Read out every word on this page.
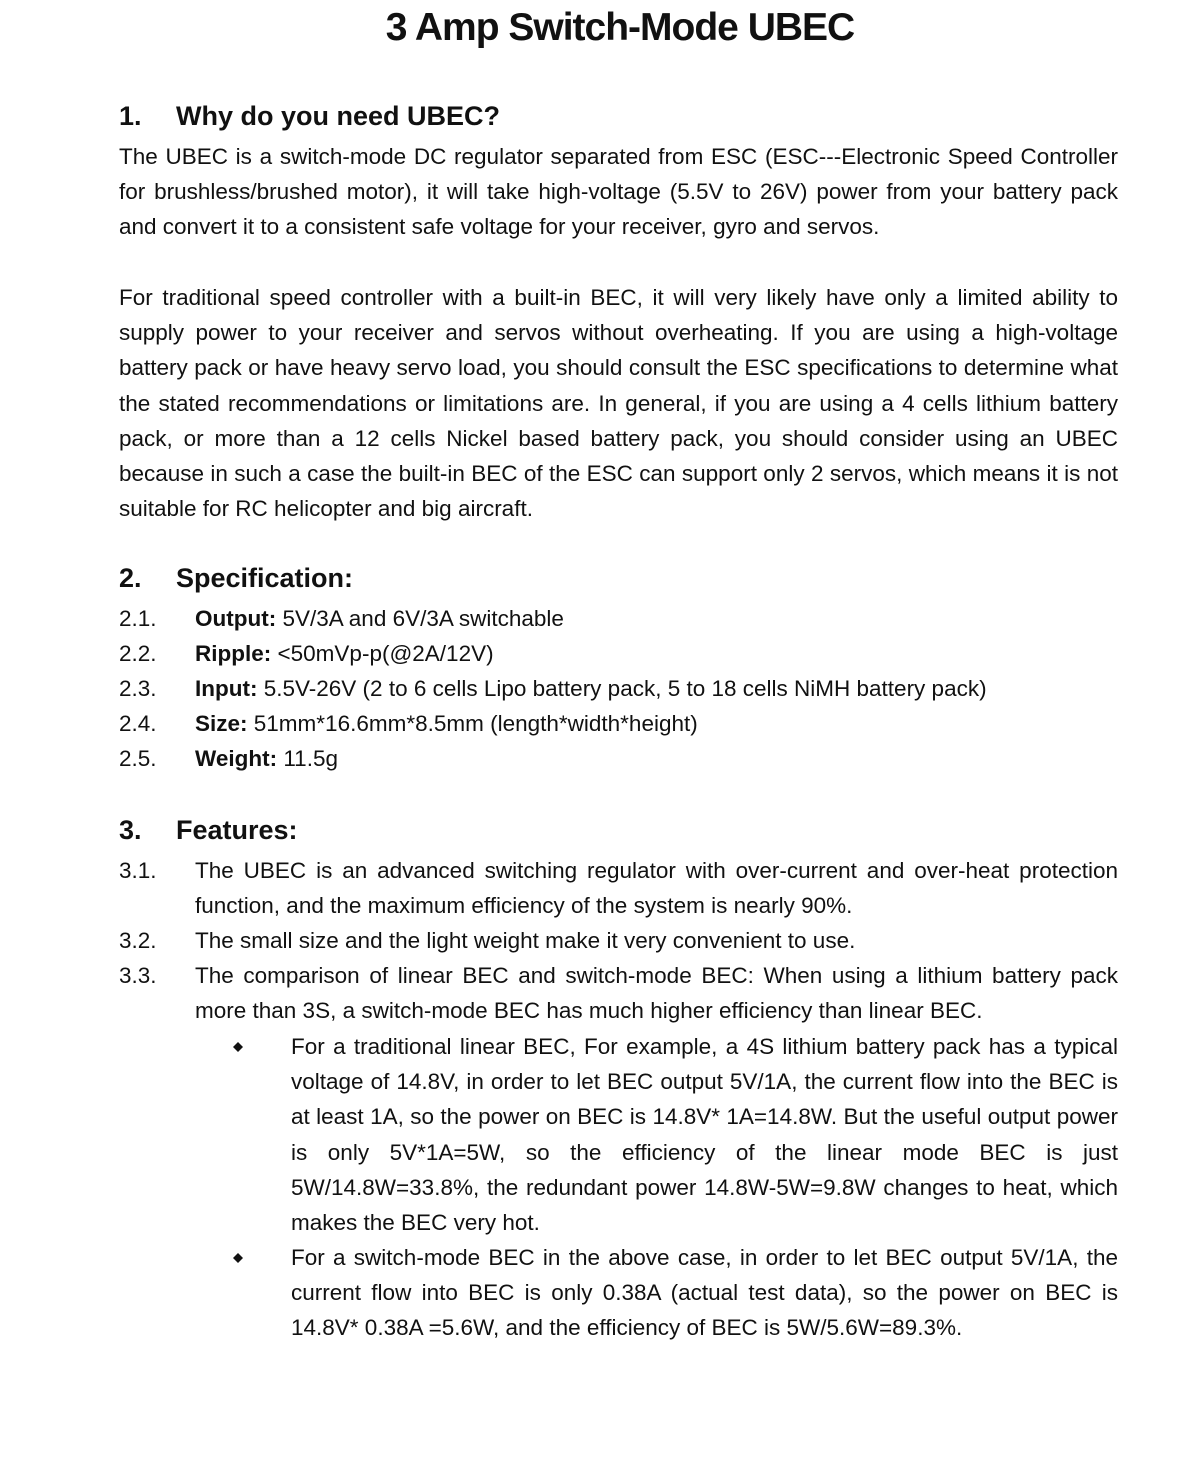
3 Amp Switch-Mode UBEC
1. Why do you need UBEC?

The UBEC is a switch-mode DC regulator separated from ESC (ESC---Electronic Speed Controller for brushless/brushed motor), it will take high-voltage (5.5V to 26V) power from your battery pack and convert it to a consistent safe voltage for your receiver, gyro and servos.

For traditional speed controller with a built-in BEC, it will very likely have only a limited ability to supply power to your receiver and servos without overheating. If you are using a high-voltage battery pack or have heavy servo load, you should consult the ESC specifications to determine what the stated recommendations or limitations are. In general, if you are using a 4 cells lithium battery pack, or more than a 12 cells Nickel based battery pack, you should consider using an UBEC because in such a case the built-in BEC of the ESC can support only 2 servos, which means it is not suitable for RC helicopter and big aircraft.

2. Specification:
2.1.	Output: 5V/3A and 6V/3A switchable
2.2.	Ripple: <50mVp-p(@2A/12V)
2.3.	Input: 5.5V-26V (2 to 6 cells Lipo battery pack, 5 to 18 cells NiMH battery pack)
2.4.	Size: 51mm*16.6mm*8.5mm (length*width*height)
2.5.	Weight: 11.5g
3. Features:
3.1.	The UBEC is an advanced switching regulator with over-current and over-heat protection function, and the maximum efficiency of the system is nearly 90%.
3.2.	The small size and the light weight make it very convenient to use.
3.3.	The comparison of linear BEC and switch-mode BEC: When using a lithium battery pack more than 3S, a switch-mode BEC has much higher efficiency than linear BEC.
For a traditional linear BEC, For example, a 4S lithium battery pack has a typical voltage of 14.8V, in order to let BEC output 5V/1A, the current flow into the BEC is at least 1A, so the power on BEC is 14.8V* 1A=14.8W. But the useful output power is only 5V*1A=5W, so the efficiency of the linear mode BEC is just 5W/14.8W=33.8%, the redundant power 14.8W-5W=9.8W changes to heat, which makes the BEC very hot.
For a switch-mode BEC in the above case, in order to let BEC output 5V/1A, the current flow into BEC is only 0.38A (actual test data), so the power on BEC is 14.8V* 0.38A =5.6W, and the efficiency of BEC is 5W/5.6W=89.3%.
